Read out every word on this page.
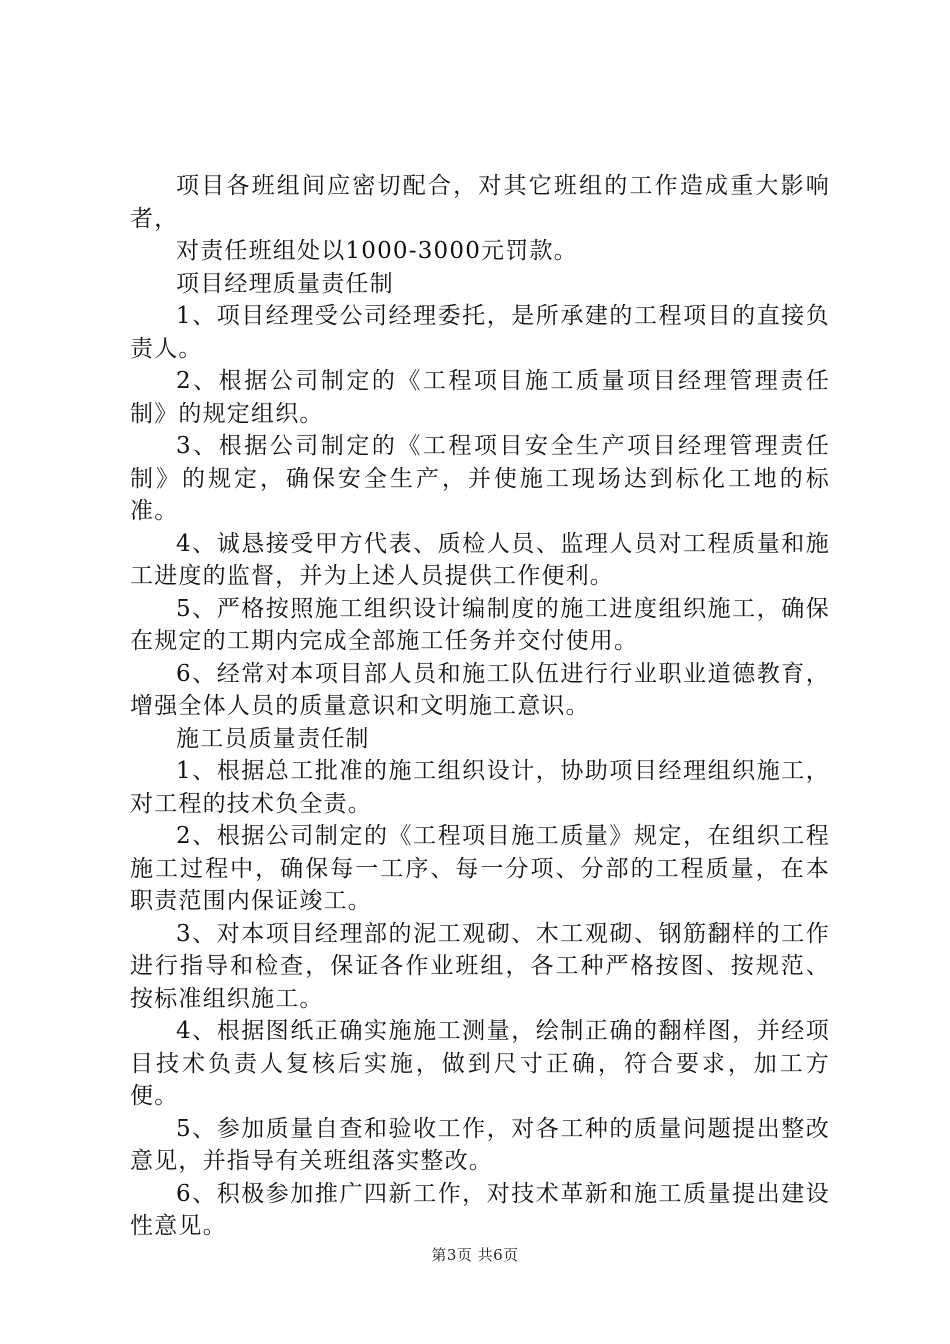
项目各班组间应密切配合，对其它班组的工作造成重大影响者，

对责任班组处以1000-3000元罚款。

项目经理质量责任制

1、项目经理受公司经理委托，是所承建的工程项目的直接负责人。

2、根据公司制定的《工程项目施工质量项目经理管理责任制》的规定组织。

3、根据公司制定的《工程项目安全生产项目经理管理责任制》的规定，确保安全生产，并使施工现场达到标化工地的标准。

4、诚恳接受甲方代表、质检人员、监理人员对工程质量和施工进度的监督，并为上述人员提供工作便利。

5、严格按照施工组织设计编制度的施工进度组织施工，确保在规定的工期内完成全部施工任务并交付使用。

6、经常对本项目部人员和施工队伍进行行业职业道德教育，增强全体人员的质量意识和文明施工意识。

施工员质量责任制

1、根据总工批准的施工组织设计，协助项目经理组织施工，对工程的技术负全责。

2、根据公司制定的《工程项目施工质量》规定，在组织工程施工过程中，确保每一工序、每一分项、分部的工程质量，在本职责范围内保证竣工。

3、对本项目经理部的泥工观砌、木工观砌、钢筋翻样的工作进行指导和检查，保证各作业班组，各工种严格按图、按规范、按标准组织施工。

4、根据图纸正确实施施工测量，绘制正确的翻样图，并经项目技术负责人复核后实施，做到尺寸正确，符合要求，加工方便。

5、参加质量自查和验收工作，对各工种的质量问题提出整改意见，并指导有关班组落实整改。

6、积极参加推广四新工作，对技术革新和施工质量提出建设性意见。

第3页 共6页
